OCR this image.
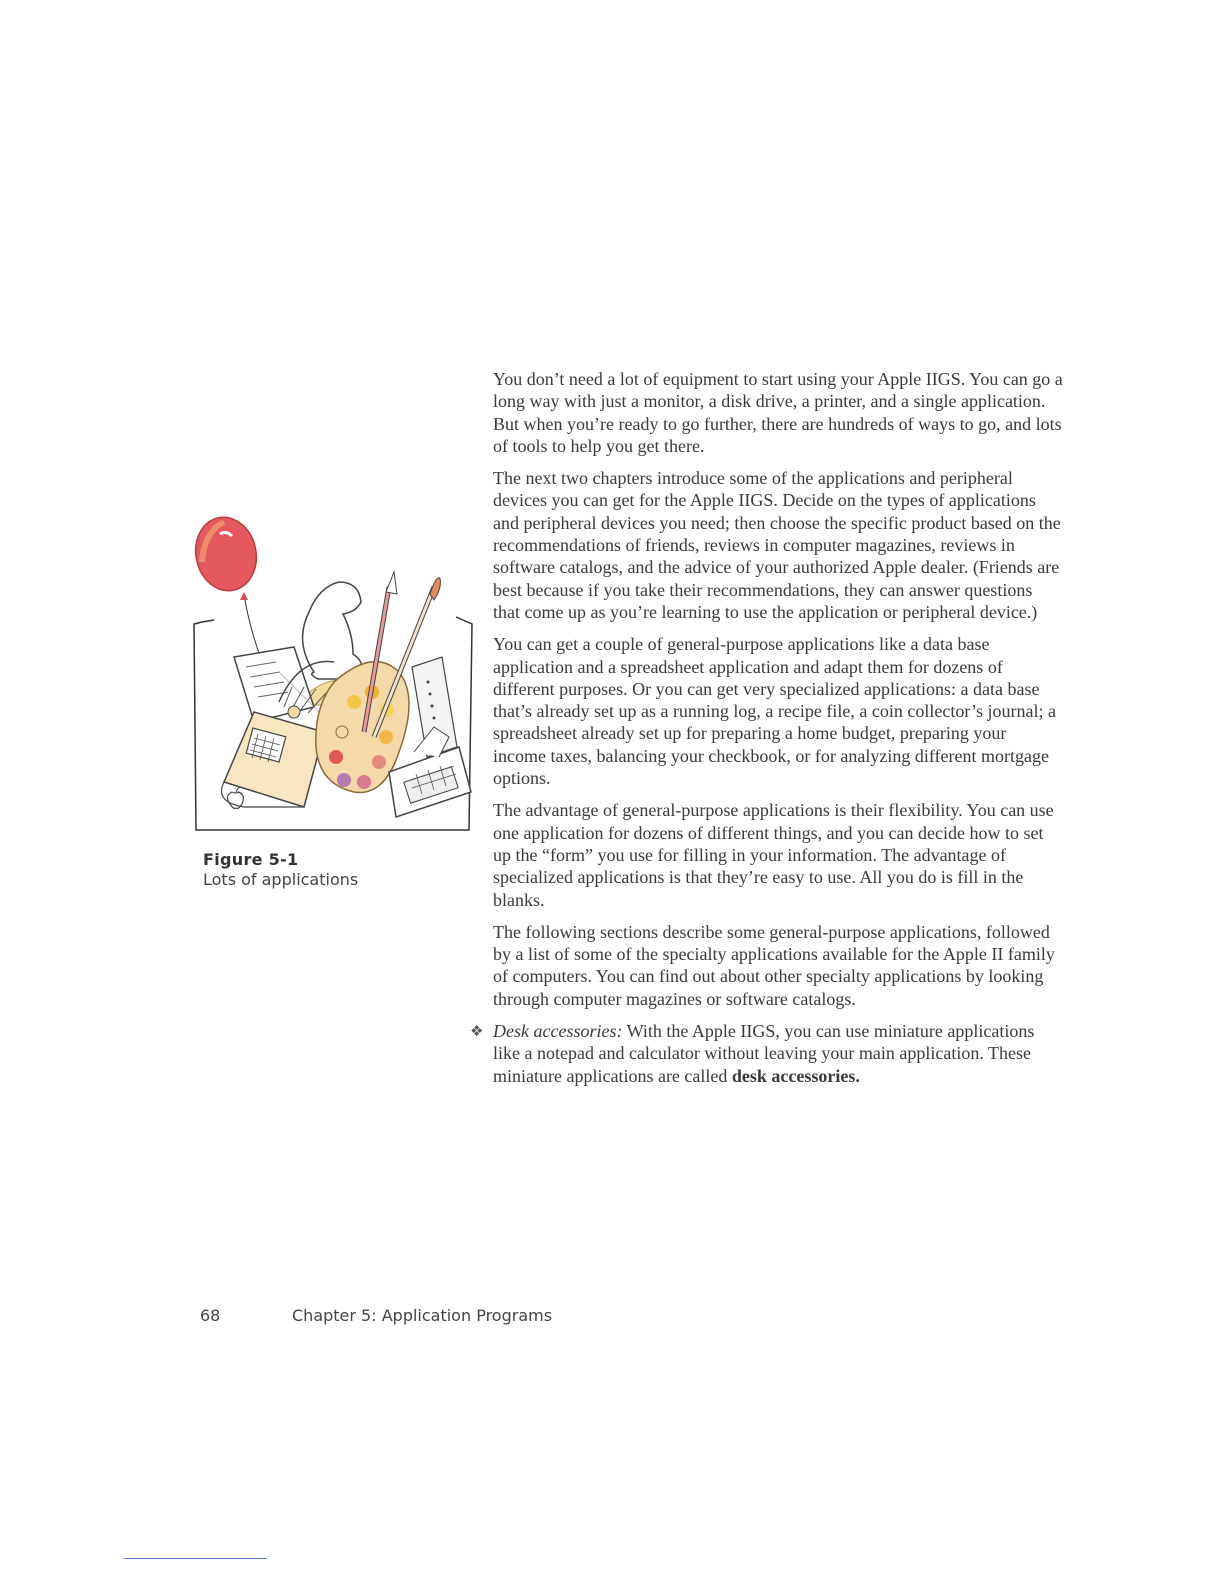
Figure 5-1
Lots of applications

You don’t need a lot of equipment to start using your Apple IIGS. You can go a long way with just a monitor, a disk drive, a printer, and a single application. But when you’re ready to go further, there are hundreds of ways to go, and lots of tools to help you get there.

The next two chapters introduce some of the applications and peripheral devices you can get for the Apple IIGS. Decide on the types of applications and peripheral devices you need; then choose the specific product based on the recommendations of friends, reviews in computer magazines, reviews in software catalogs, and the advice of your authorized Apple dealer. (Friends are best because if you take their recommendations, they can answer questions that come up as you’re learning to use the application or peripheral device.)

You can get a couple of general-purpose applications like a data base application and a spreadsheet application and adapt them for dozens of different purposes. Or you can get very specialized applications: a data base that’s already set up as a running log, a recipe file, a coin collector’s journal; a spreadsheet already set up for preparing a home budget, preparing your income taxes, balancing your checkbook, or for analyzing different mortgage options.

The advantage of general-purpose applications is their flexibility. You can use one application for dozens of different things, and you can decide how to set up the “form” you use for filling in your information. The advantage of specialized applications is that they’re easy to use. All you do is fill in the blanks.

The following sections describe some general-purpose applications, followed by a list of some of the specialty applications available for the Apple II family of computers. You can find out about other specialty applications by looking through computer magazines or software catalogs.

❖ Desk accessories: With the Apple IIGS, you can use miniature applications like a notepad and calculator without leaving your main application. These miniature applications are called desk accessories.

68	Chapter 5: Application Programs
